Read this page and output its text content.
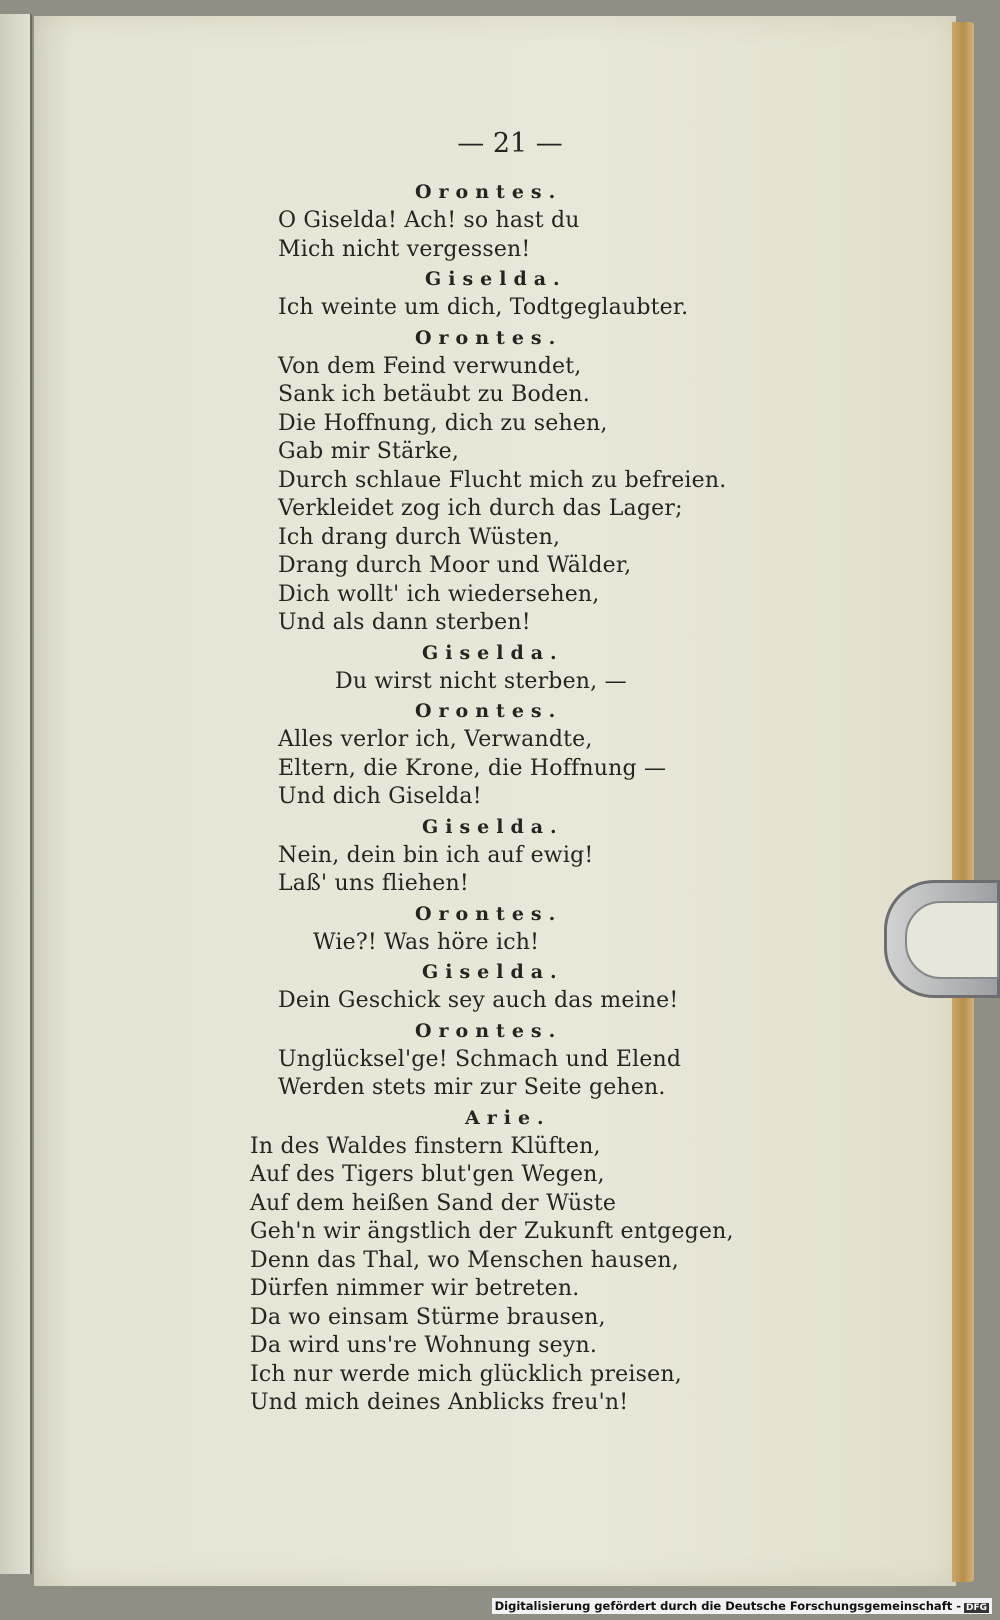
— 21 —
Orontes.
O Giselda! Ach! so hast du
Mich nicht vergessen!
Giselda.
Ich weinte um dich, Todtgeglaubter.
Orontes.
Von dem Feind verwundet,
Sank ich betäubt zu Boden.
Die Hoffnung, dich zu sehen,
Gab mir Stärke,
Durch schlaue Flucht mich zu befreien.
Verkleidet zog ich durch das Lager;
Ich drang durch Wüsten,
Drang durch Moor und Wälder,
Dich wollt' ich wiedersehen,
Und als dann sterben!
Giselda.
Du wirst nicht sterben, —
Orontes.
Alles verlor ich, Verwandte,
Eltern, die Krone, die Hoffnung —
Und dich Giselda!
Giselda.
Nein, dein bin ich auf ewig!
Laß' uns fliehen!
Orontes.
Wie?! Was höre ich!
Giselda.
Dein Geschick sey auch das meine!
Orontes.
Unglücksel'ge! Schmach und Elend
Werden stets mir zur Seite gehen.
Arie.
In des Waldes finstern Klüften,
Auf des Tigers blut'gen Wegen,
Auf dem heißen Sand der Wüste
Geh'n wir ängstlich der Zukunft entgegen,
Denn das Thal, wo Menschen hausen,
Dürfen nimmer wir betreten.
Da wo einsam Stürme brausen,
Da wird uns're Wohnung seyn.
Ich nur werde mich glücklich preisen,
Und mich deines Anblicks freu'n!
Digitalisierung gefördert durch die Deutsche Forschungsgemeinschaft - DFG
